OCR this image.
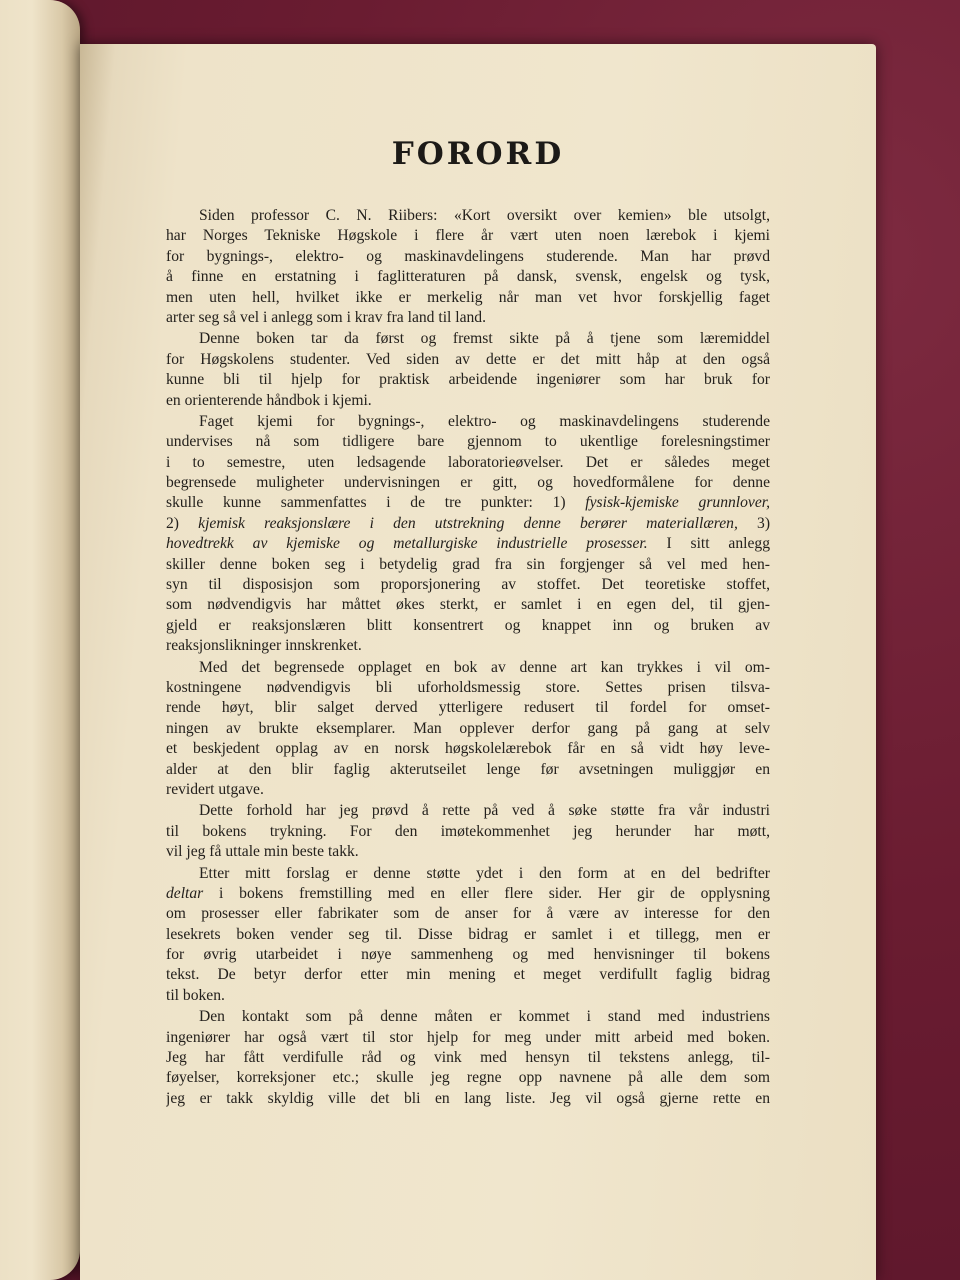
FORORD
Siden professor C. N. Riibers: «Kort oversikt over kemien» ble utsolgt,
har Norges Tekniske Høgskole i flere år vært uten noen lærebok i kjemi
for bygnings-, elektro- og maskinavdelingens studerende. Man har prøvd
å finne en erstatning i faglitteraturen på dansk, svensk, engelsk og tysk,
men uten hell, hvilket ikke er merkelig når man vet hvor forskjellig faget
arter seg så vel i anlegg som i krav fra land til land.
Denne boken tar da først og fremst sikte på å tjene som læremiddel
for Høgskolens studenter. Ved siden av dette er det mitt håp at den også
kunne bli til hjelp for praktisk arbeidende ingeniører som har bruk for
en orienterende håndbok i kjemi.
Faget kjemi for bygnings-, elektro- og maskinavdelingens studerende
undervises nå som tidligere bare gjennom to ukentlige forelesningstimer
i to semestre, uten ledsagende laboratorieøvelser. Det er således meget
begrensede muligheter undervisningen er gitt, og hovedformålene for denne
skulle kunne sammenfattes i de tre punkter: 1) fysisk-kjemiske grunnlover,
2) kjemisk reaksjonslære i den utstrekning denne berører materiallæren, 3)
hovedtrekk av kjemiske og metallurgiske industrielle prosesser. I sitt anlegg
skiller denne boken seg i betydelig grad fra sin forgjenger så vel med hen-
syn til disposisjon som proporsjonering av stoffet. Det teoretiske stoffet,
som nødvendigvis har måttet økes sterkt, er samlet i en egen del, til gjen-
gjeld er reaksjonslæren blitt konsentrert og knappet inn og bruken av
reaksjonslikninger innskrenket.
Med det begrensede opplaget en bok av denne art kan trykkes i vil om-
kostningene nødvendigvis bli uforholdsmessig store. Settes prisen tilsva-
rende høyt, blir salget derved ytterligere redusert til fordel for omset-
ningen av brukte eksemplarer. Man opplever derfor gang på gang at selv
et beskjedent opplag av en norsk høgskolelærebok får en så vidt høy leve-
alder at den blir faglig akterutseilet lenge før avsetningen muliggjør en
revidert utgave.
Dette forhold har jeg prøvd å rette på ved å søke støtte fra vår industri
til bokens trykning. For den imøtekommenhet jeg herunder har møtt,
vil jeg få uttale min beste takk.
Etter mitt forslag er denne støtte ydet i den form at en del bedrifter
deltar i bokens fremstilling med en eller flere sider. Her gir de opplysning
om prosesser eller fabrikater som de anser for å være av interesse for den
lesekrets boken vender seg til. Disse bidrag er samlet i et tillegg, men er
for øvrig utarbeidet i nøye sammenheng og med henvisninger til bokens
tekst. De betyr derfor etter min mening et meget verdifullt faglig bidrag
til boken.
Den kontakt som på denne måten er kommet i stand med industriens
ingeniører har også vært til stor hjelp for meg under mitt arbeid med boken.
Jeg har fått verdifulle råd og vink med hensyn til tekstens anlegg, til-
føyelser, korreksjoner etc.; skulle jeg regne opp navnene på alle dem som
jeg er takk skyldig ville det bli en lang liste. Jeg vil også gjerne rette en
